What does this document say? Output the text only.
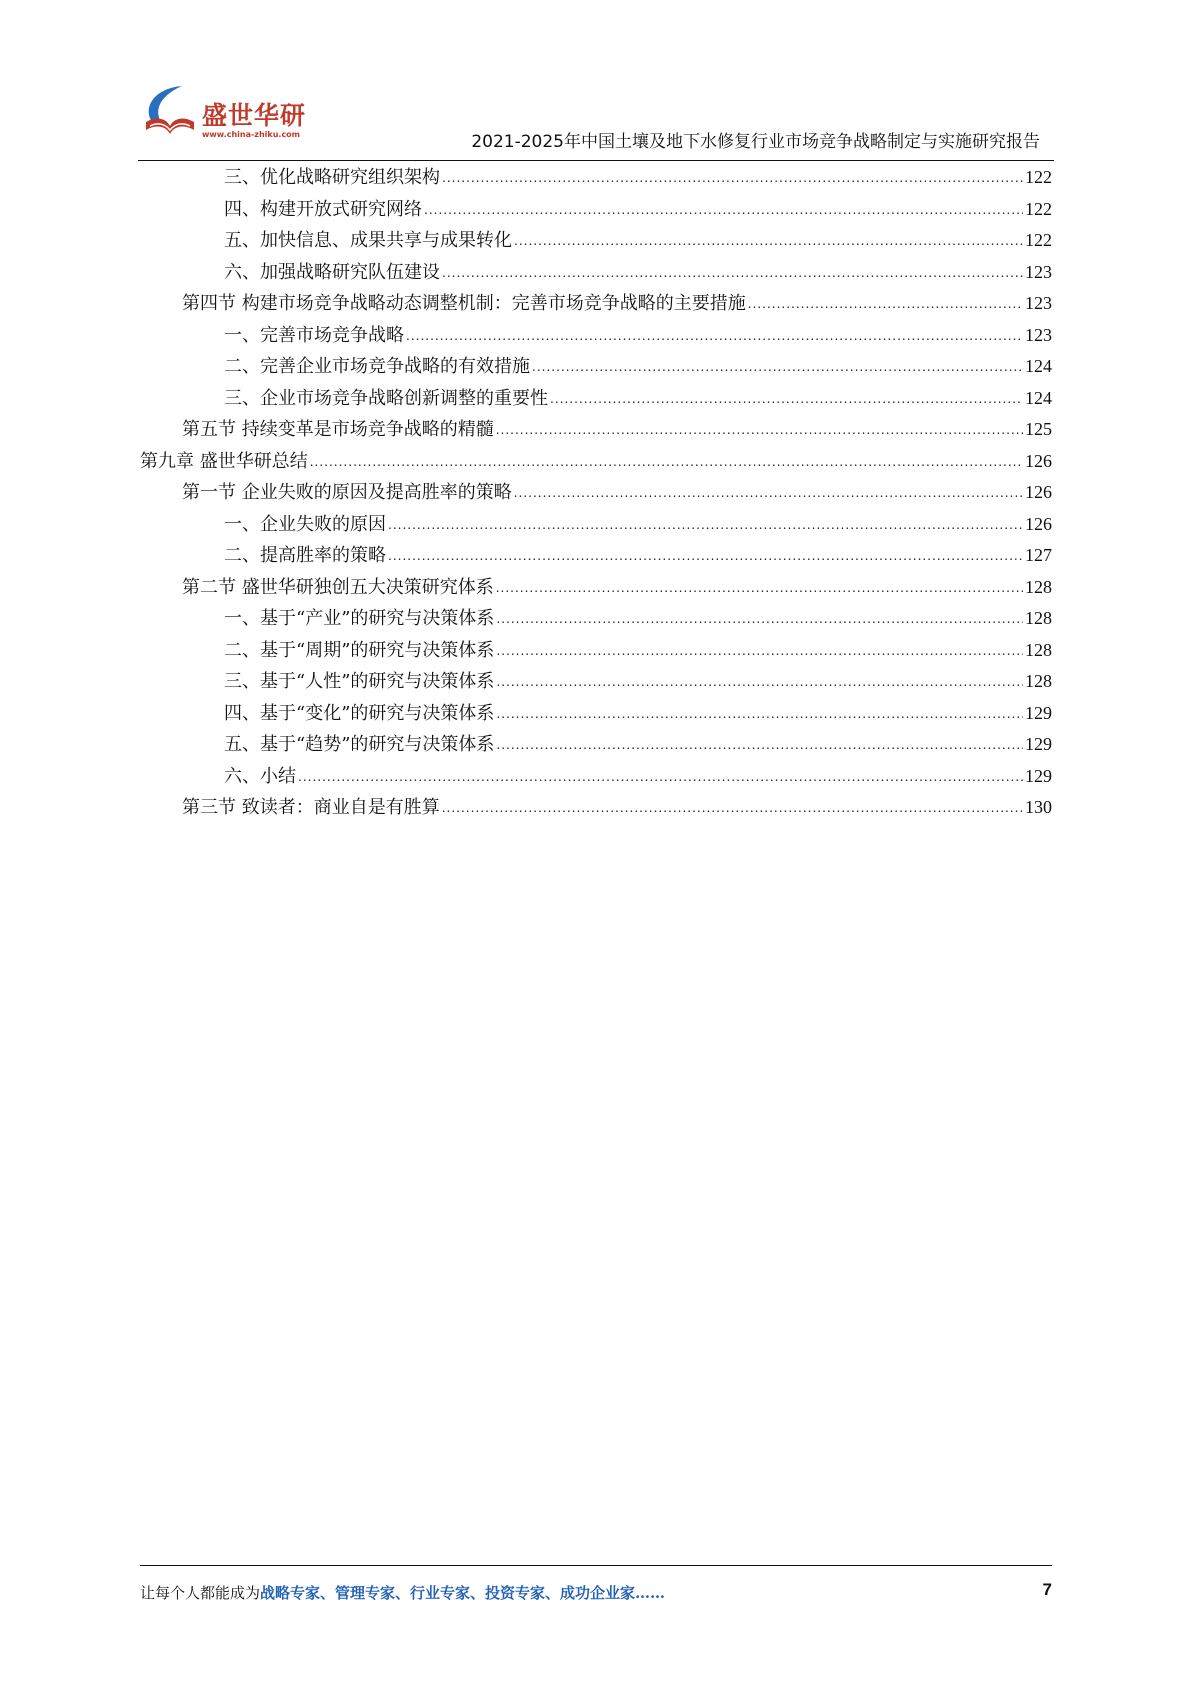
盛世华研
www.china-zhiku.com	2021-2025年中国土壤及地下水修复行业市场竞争战略制定与实施研究报告
三、优化战略研究组织架构 .....	122
四、构建开放式研究网络 .....	122
五、加快信息、成果共享与成果转化 .....	122
六、加强战略研究队伍建设 .....	123
第四节 构建市场竞争战略动态调整机制：完善市场竞争战略的主要措施 .....	123
一、完善市场竞争战略 .....	123
二、完善企业市场竞争战略的有效措施 .....	124
三、企业市场竞争战略创新调整的重要性 .....	124
第五节 持续变革是市场竞争战略的精髓 .....	125
第九章 盛世华研总结 .....	126
第一节 企业失败的原因及提高胜率的策略 .....	126
一、企业失败的原因 .....	126
二、提高胜率的策略 .....	127
第二节 盛世华研独创五大决策研究体系 .....	128
一、基于“产业”的研究与决策体系 .....	128
二、基于“周期”的研究与决策体系 .....	128
三、基于“人性”的研究与决策体系 .....	128
四、基于“变化”的研究与决策体系 .....	129
五、基于“趋势”的研究与决策体系 .....	129
六、小结 .....	129
第三节 致读者：商业自是有胜算 .....	130
让每个人都能成为战略专家、管理专家、行业专家、投资专家、成功企业家……	7
